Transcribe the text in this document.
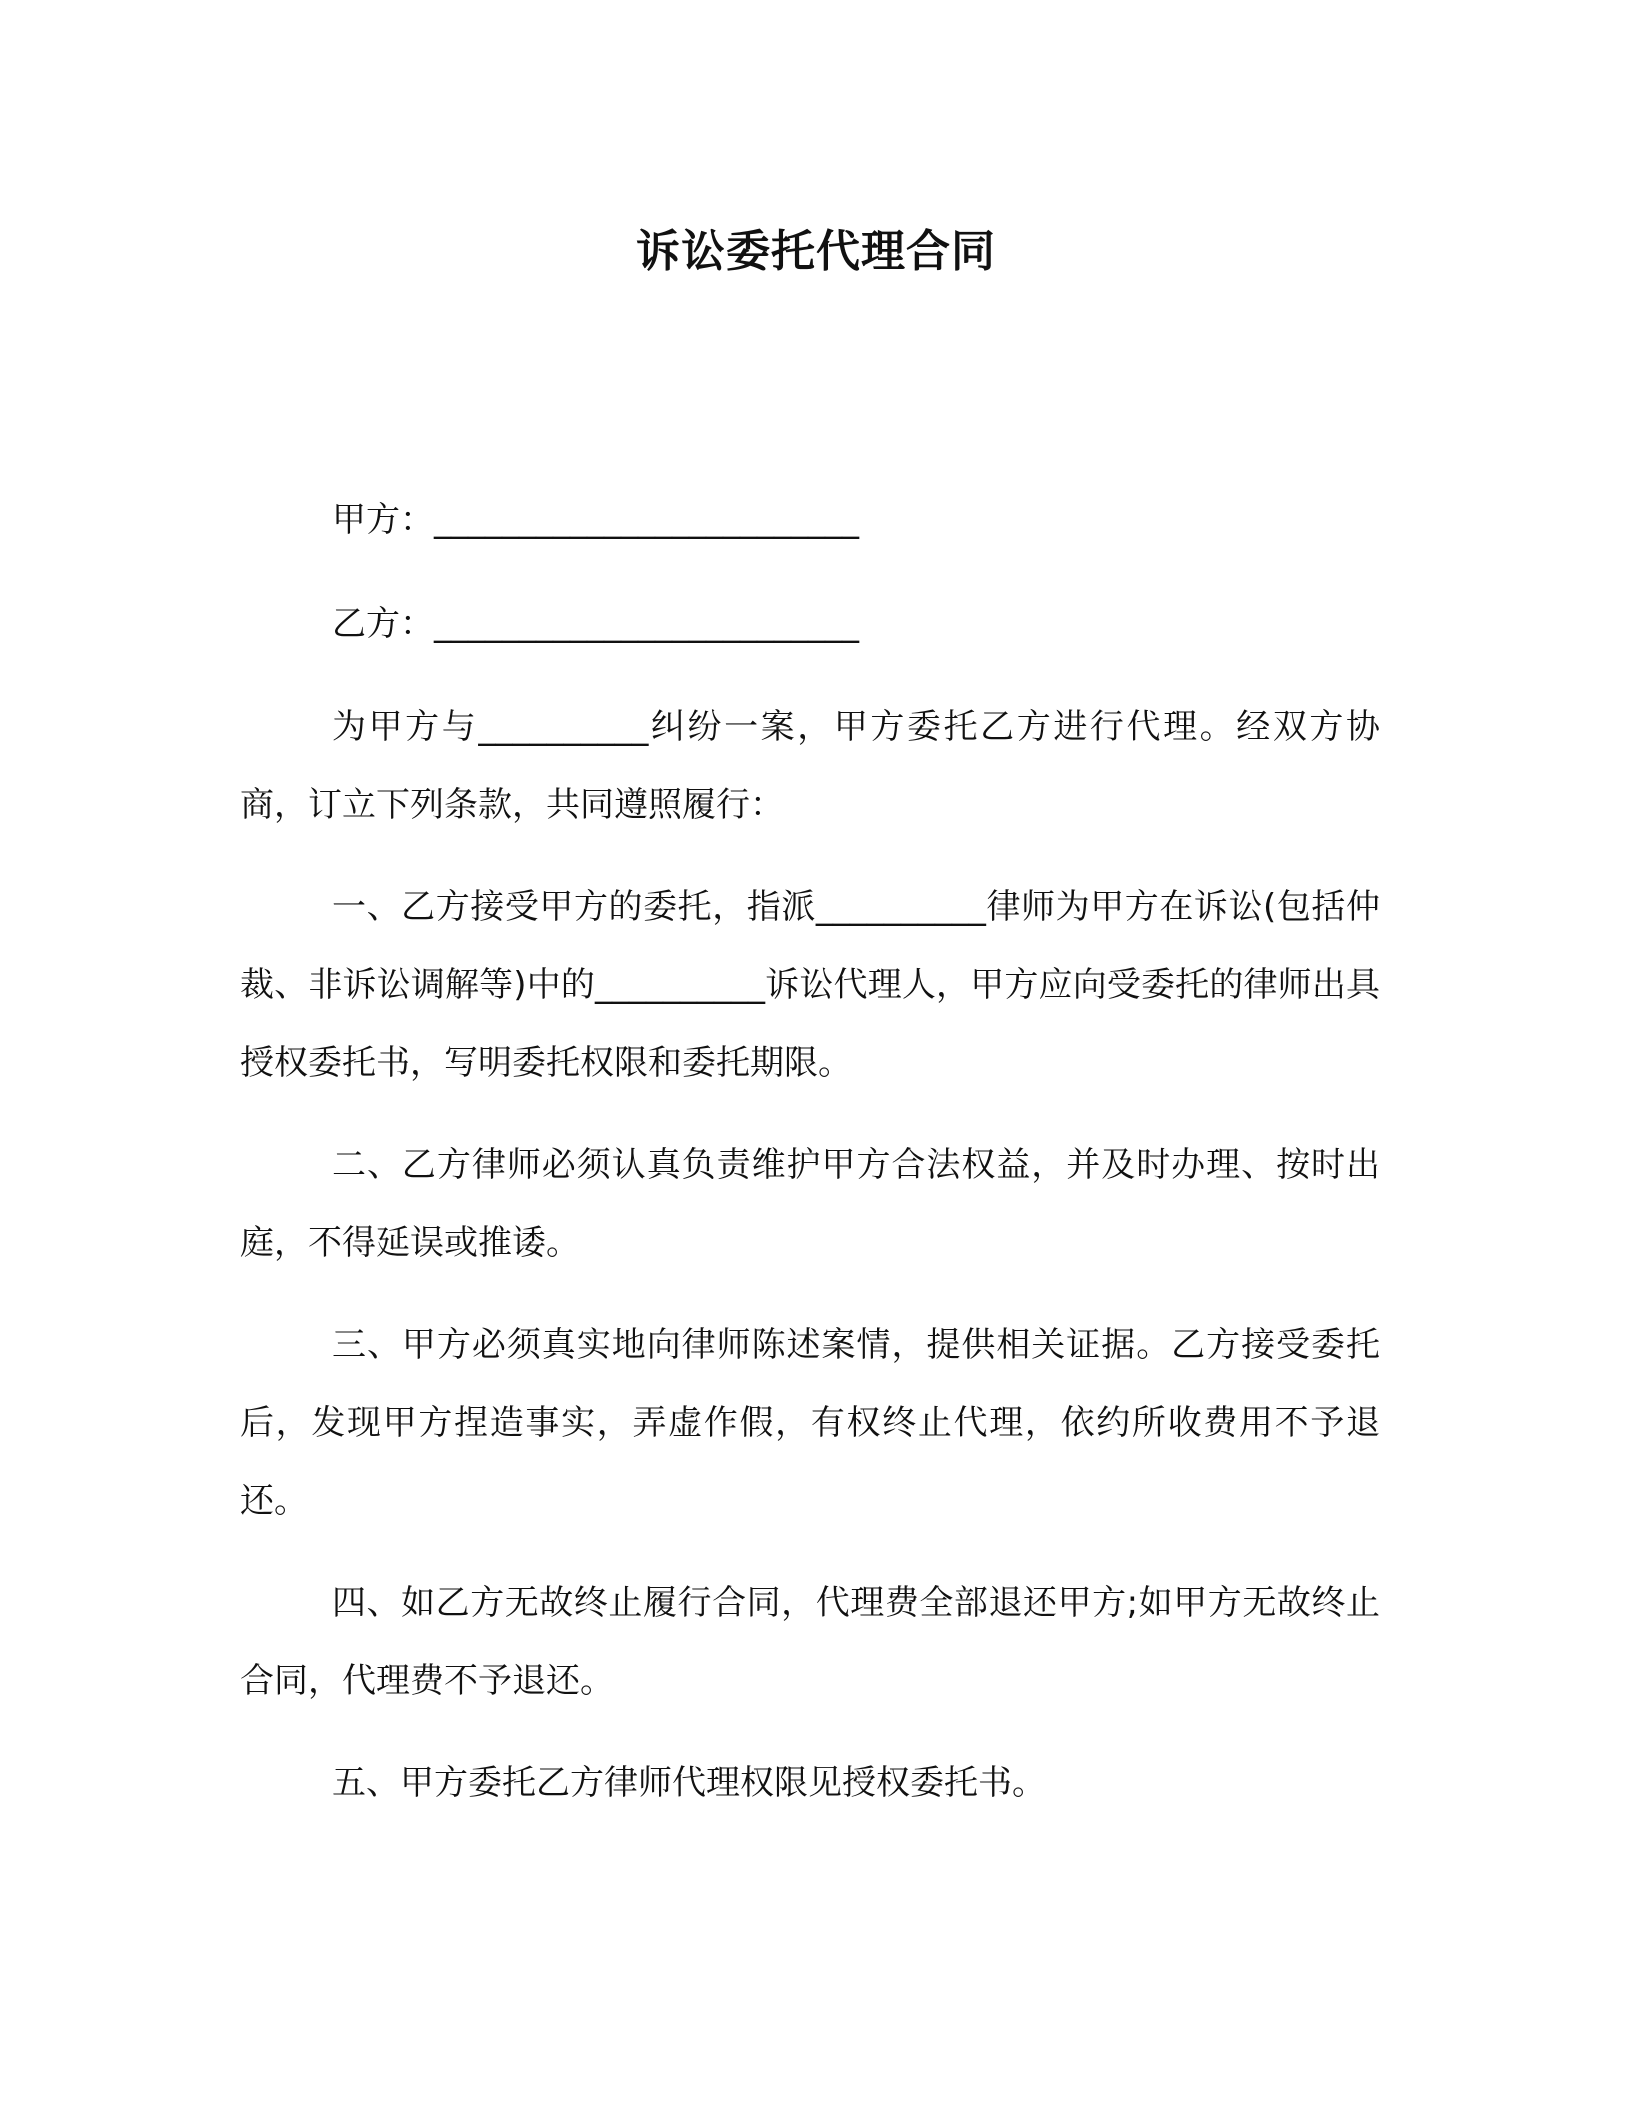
诉讼委托代理合同

甲方：_________________________

乙方：_________________________

为甲方与__________纠纷一案，甲方委托乙方进行代理。经双方协商，订立下列条款，共同遵照履行：

一、乙方接受甲方的委托，指派__________律师为甲方在诉讼(包括仲裁、非诉讼调解等)中的__________诉讼代理人，甲方应向受委托的律师出具授权委托书，写明委托权限和委托期限。

二、乙方律师必须认真负责维护甲方合法权益，并及时办理、按时出庭，不得延误或推诿。

三、甲方必须真实地向律师陈述案情，提供相关证据。乙方接受委托后，发现甲方捏造事实，弄虚作假，有权终止代理，依约所收费用不予退还。

四、如乙方无故终止履行合同，代理费全部退还甲方;如甲方无故终止合同，代理费不予退还。

五、甲方委托乙方律师代理权限见授权委托书。
